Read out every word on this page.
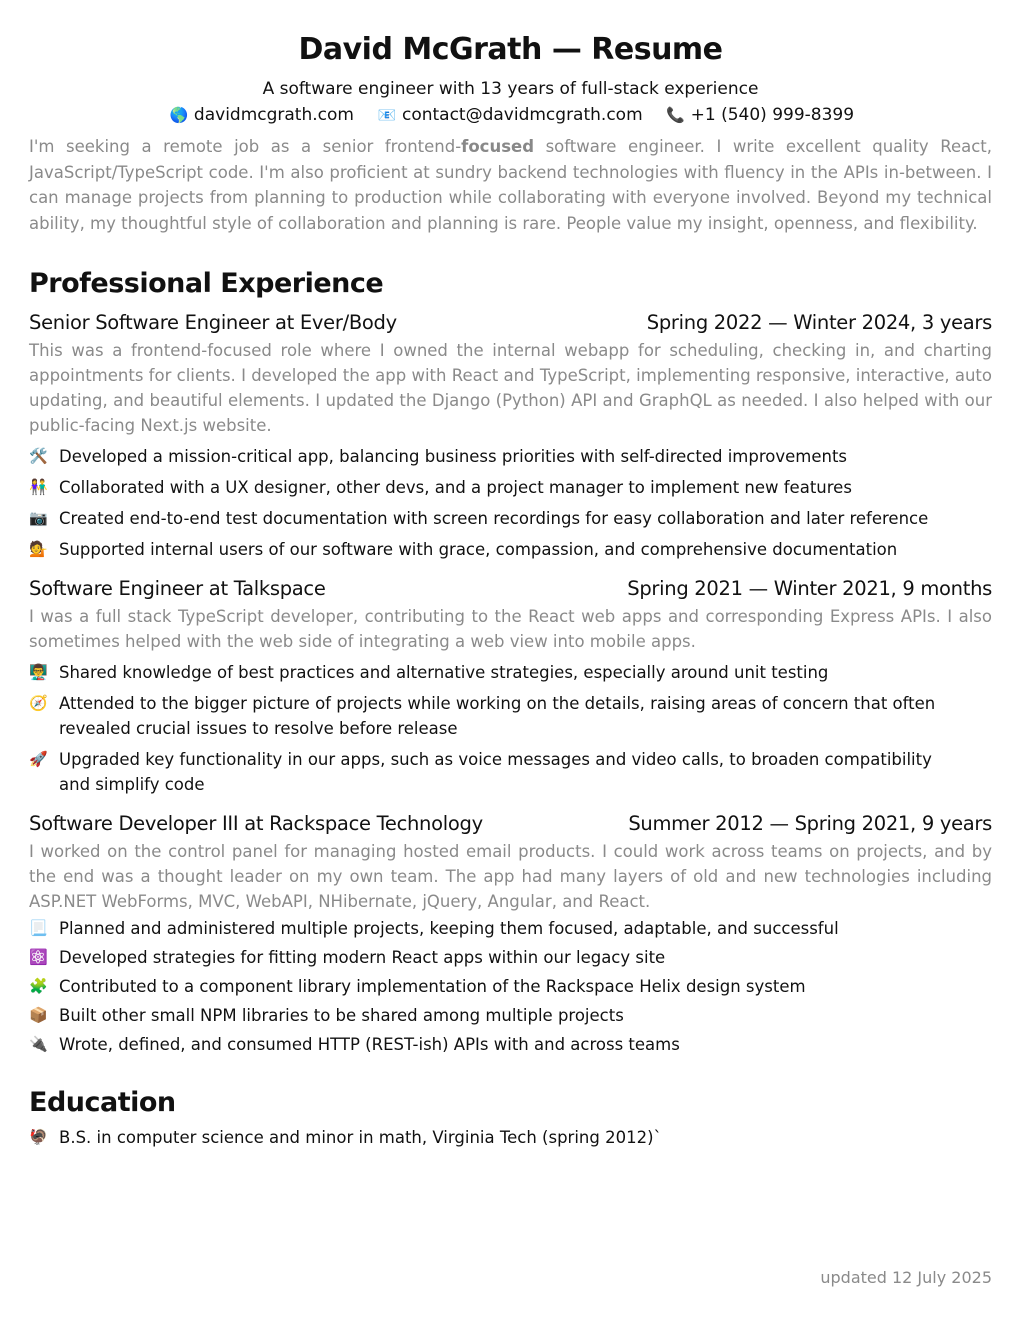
David McGrath — Resume
A software engineer with 13 years of full-stack experience
🌎 davidmcgrath.com 📧 contact@davidmcgrath.com 📞 +1 (540) 999-8399
I'm seeking a remote job as a senior frontend-focused software engineer. I write excellent quality React, JavaScript/TypeScript code. I'm also proficient at sundry backend technologies with fluency in the APIs in-between. I can manage projects from planning to production while collaborating with everyone involved. Beyond my technical ability, my thoughtful style of collaboration and planning is rare. People value my insight, openness, and flexibility.
Professional Experience
Senior Software Engineer at Ever/Body	Spring 2022 — Winter 2024, 3 years
This was a frontend-focused role where I owned the internal webapp for scheduling, checking in, and charting appointments for clients. I developed the app with React and TypeScript, implementing responsive, interactive, auto updating, and beautiful elements. I updated the Django (Python) API and GraphQL as needed. I also helped with our public-facing Next.js website.
🛠️ Developed a mission-critical app, balancing business priorities with self-directed improvements
👫 Collaborated with a UX designer, other devs, and a project manager to implement new features
📷 Created end-to-end test documentation with screen recordings for easy collaboration and later reference
💁 Supported internal users of our software with grace, compassion, and comprehensive documentation
Software Engineer at Talkspace	Spring 2021 — Winter 2021, 9 months
I was a full stack TypeScript developer, contributing to the React web apps and corresponding Express APIs. I also sometimes helped with the web side of integrating a web view into mobile apps.
👨‍🏫 Shared knowledge of best practices and alternative strategies, especially around unit testing
🧭 Attended to the bigger picture of projects while working on the details, raising areas of concern that often revealed crucial issues to resolve before release
🚀 Upgraded key functionality in our apps, such as voice messages and video calls, to broaden compatibility and simplify code
Software Developer III at Rackspace Technology	Summer 2012 — Spring 2021, 9 years
I worked on the control panel for managing hosted email products. I could work across teams on projects, and by the end was a thought leader on my own team. The app had many layers of old and new technologies including ASP.NET WebForms, MVC, WebAPI, NHibernate, jQuery, Angular, and React.
📃 Planned and administered multiple projects, keeping them focused, adaptable, and successful
⚛️ Developed strategies for fitting modern React apps within our legacy site
🧩 Contributed to a component library implementation of the Rackspace Helix design system
📦 Built other small NPM libraries to be shared among multiple projects
🔌 Wrote, defined, and consumed HTTP (REST-ish) APIs with and across teams
Education
🦃 B.S. in computer science and minor in math, Virginia Tech (spring 2012)`
updated 12 July 2025
